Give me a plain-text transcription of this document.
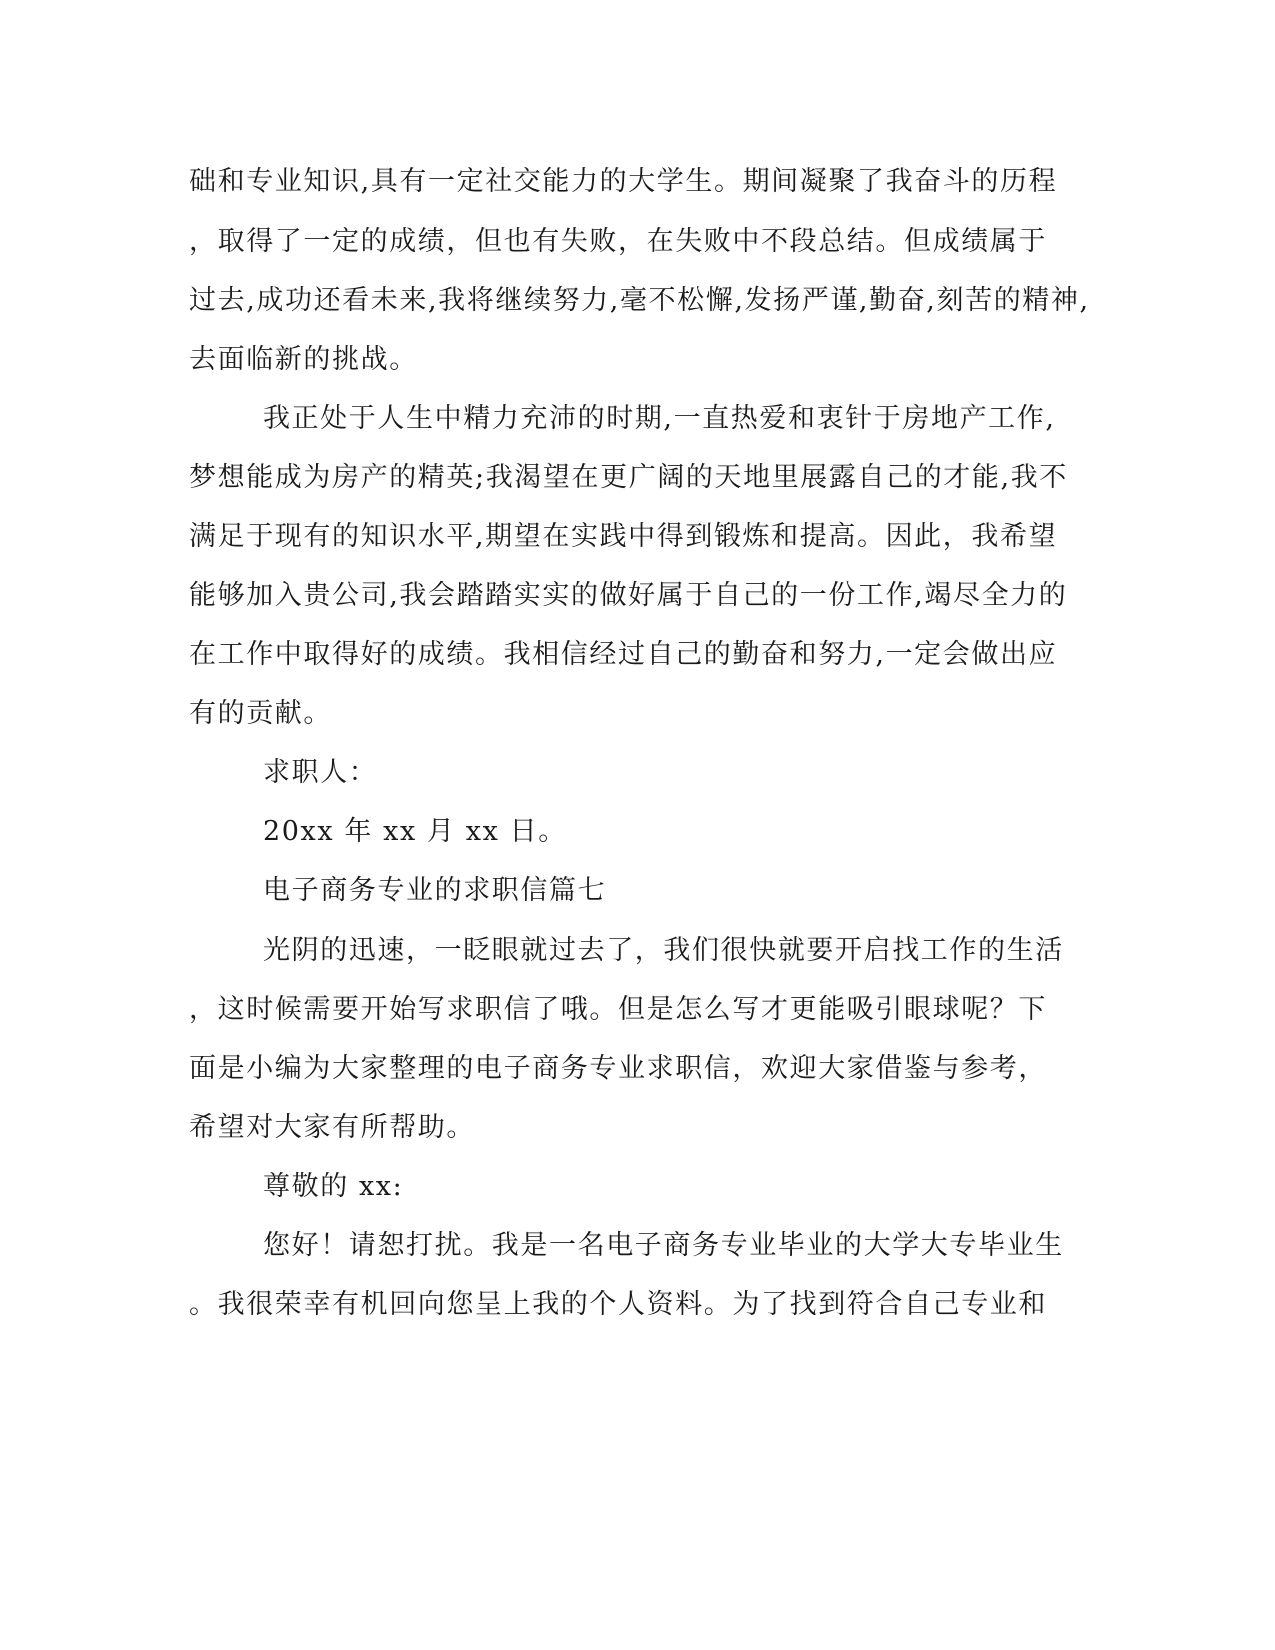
础和专业知识,具有一定社交能力的大学生。期间凝聚了我奋斗的历程
，取得了一定的成绩，但也有失败，在失败中不段总结。但成绩属于
过去,成功还看未来,我将继续努力,毫不松懈,发扬严谨,勤奋,刻苦的精神,
去面临新的挑战。
我正处于人生中精力充沛的时期,一直热爱和衷针于房地产工作,
梦想能成为房产的精英;我渴望在更广阔的天地里展露自己的才能,我不
满足于现有的知识水平,期望在实践中得到锻炼和提高。因此，我希望
能够加入贵公司,我会踏踏实实的做好属于自己的一份工作,竭尽全力的
在工作中取得好的成绩。我相信经过自己的勤奋和努力,一定会做出应
有的贡献。
求职人：
20xx 年 xx 月 xx 日。
电子商务专业的求职信篇七
光阴的迅速，一眨眼就过去了，我们很快就要开启找工作的生活
，这时候需要开始写求职信了哦。但是怎么写才更能吸引眼球呢？下
面是小编为大家整理的电子商务专业求职信，欢迎大家借鉴与参考，
希望对大家有所帮助。
尊敬的 xx:
您好！请恕打扰。我是一名电子商务专业毕业的大学大专毕业生
。我很荣幸有机回向您呈上我的个人资料。为了找到符合自己专业和
